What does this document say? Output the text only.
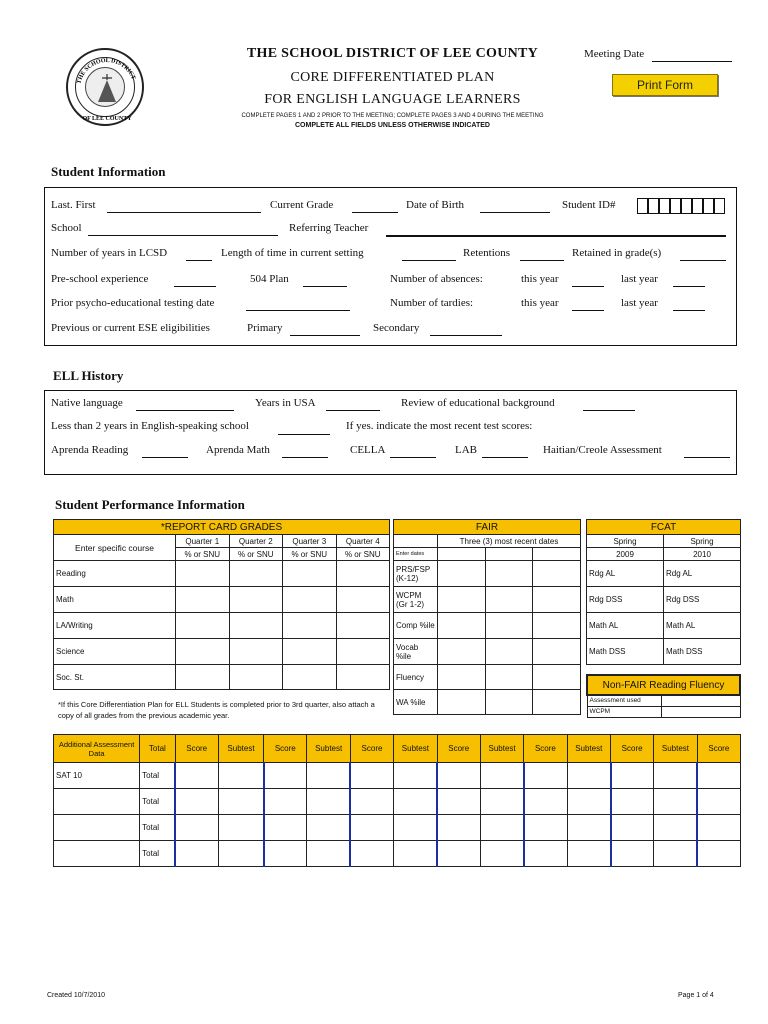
THE SCHOOL DISTRICT
OF LEE COUNTY
THE SCHOOL DISTRICT OF LEE COUNTY
CORE DIFFERENTIATED PLAN
FOR ENGLISH LANGUAGE LEARNERS
COMPLETE PAGES 1 AND 2 PRIOR TO THE MEETING; COMPLETE PAGES 3 AND 4 DURING THE MEETING
COMPLETE ALL FIELDS UNLESS OTHERWISE INDICATED
Meeting Date
Print Form
Student Information
Last. First	Current Grade	Date of Birth	Student ID#
School	Referring Teacher
Number of years in LCSD	Length of time in current setting	Retentions	Retained in grade(s)
Pre-school experience	504 Plan	Number of absences:	this year	last year
Prior psycho-educational testing date	Number of tardies:	this year	last year
Previous or current ESE eligibilities	Primary	Secondary
ELL History
Native language	Years in USA	Review of educational background
Less than 2 years in English-speaking school	If yes. indicate the most recent test scores:
Aprenda Reading	Aprenda Math	CELLA	LAB	Haitian/Creole Assessment
Student Performance Information
*REPORT CARD GRADES				
Enter specific course	Quarter 1	Quarter 2	Quarter 3	Quarter 4
	% or SNU	% or SNU	% or SNU	% or SNU
Reading				
Math				
LA/Writing				
Science				
Soc. St.				
*If this Core Differentiation Plan for ELL Students is completed prior to 3rd quarter, also attach a copy of all grades from the previous academic year.
FAIR			
	Three (3) most recent dates		
Enter dates			
PRS/FSP (K-12)			
WCPM (Gr 1-2)			
Comp %ile			
Vocab %ile			
Fluency			
WA %ile			
FCAT	
Spring	Spring
2009	2010
Rdg AL	Rdg AL
Rdg DSS	Rdg DSS
Math AL	Math AL
Math DSS	Math DSS
Non-FAIR Reading Fluency	
Assessment used	
WCPM	
Additional Assessment Data	Total	Score	Subtest	Score	Subtest	Score	Subtest	Score	Subtest	Score	Subtest	Score	Subtest	Score
SAT 10	Total													
	Total													
	Total													
	Total													
Created 10/7/2010	Page 1 of 4
